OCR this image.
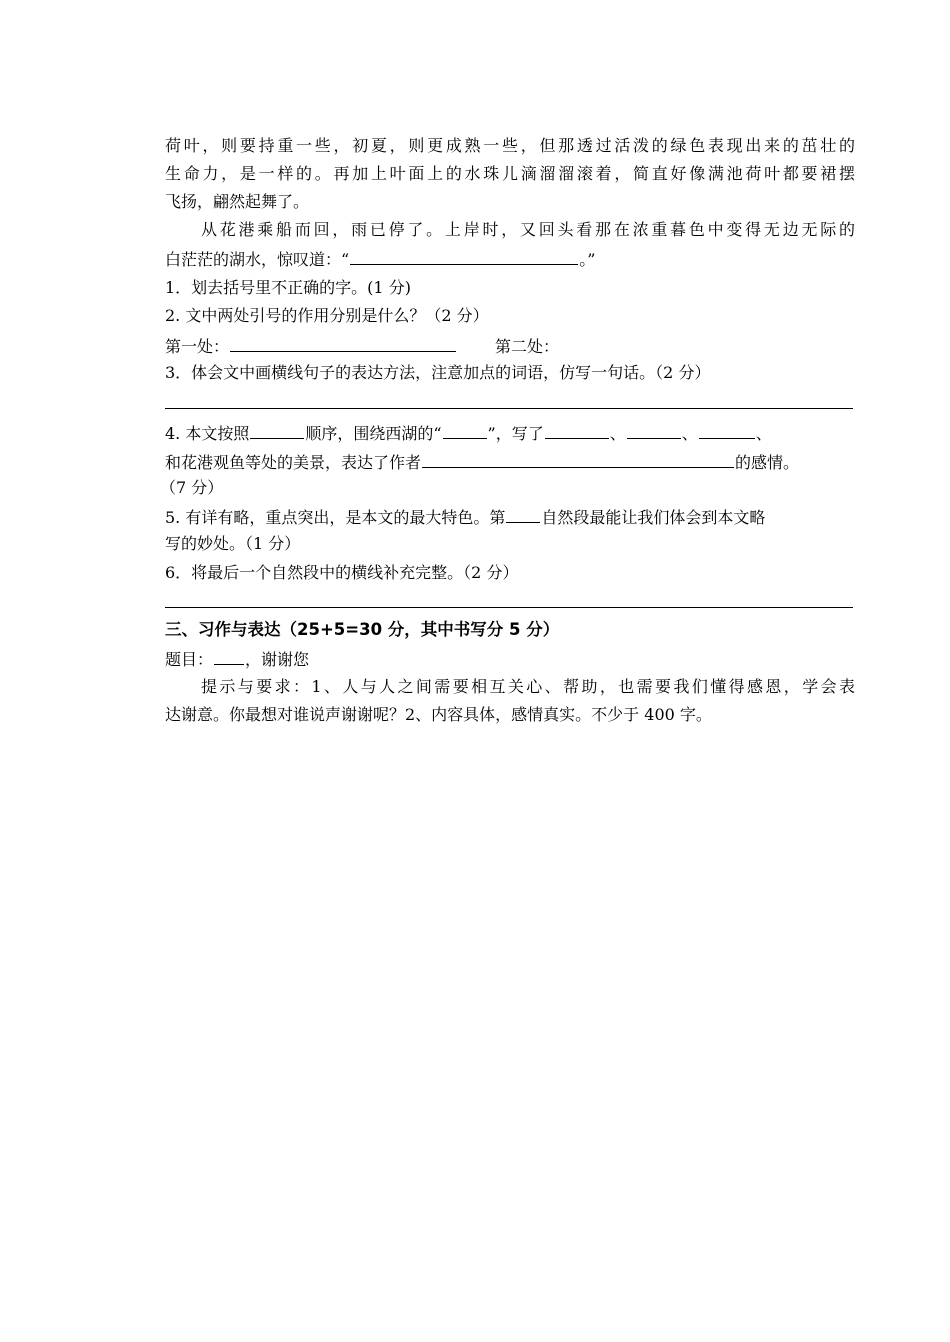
荷叶，则要持重一些，初夏，则更成熟一些，但那透过活泼的绿色表现出来的茁壮的
生命力，是一样的。再加上叶面上的水珠儿滴溜溜滚着，简直好像满池荷叶都要裙摆
飞扬，翩然起舞了。
从花港乘船而回，雨已停了。上岸时，又回头看那在浓重暮色中变得无边无际的
白茫茫的湖水，惊叹道：“	。”
1．划去括号里不正确的字。(1 分)
2. 文中两处引号的作用分别是什么？（2 分）
第一处：	第二处：
3．体会文中画横线句子的表达方法，注意加点的词语，仿写一句话。（2 分）
4. 本文按照	顺序，围绕西湖的“	”，写了	、	、	、
和花港观鱼等处的美景，表达了作者	的感情。
（7 分）
5. 有详有略，重点突出，是本文的最大特色。第 自然段最能让我们体会到本文略
写的妙处。（1 分）
6．将最后一个自然段中的横线补充完整。（2 分）
三、习作与表达（25+5=30 分，其中书写分 5 分）
题目： ，谢谢您
提示与要求：1、人与人之间需要相互关心、帮助，也需要我们懂得感恩，学会表
达谢意。你最想对谁说声谢谢呢？2、内容具体，感情真实。不少于 400 字。
